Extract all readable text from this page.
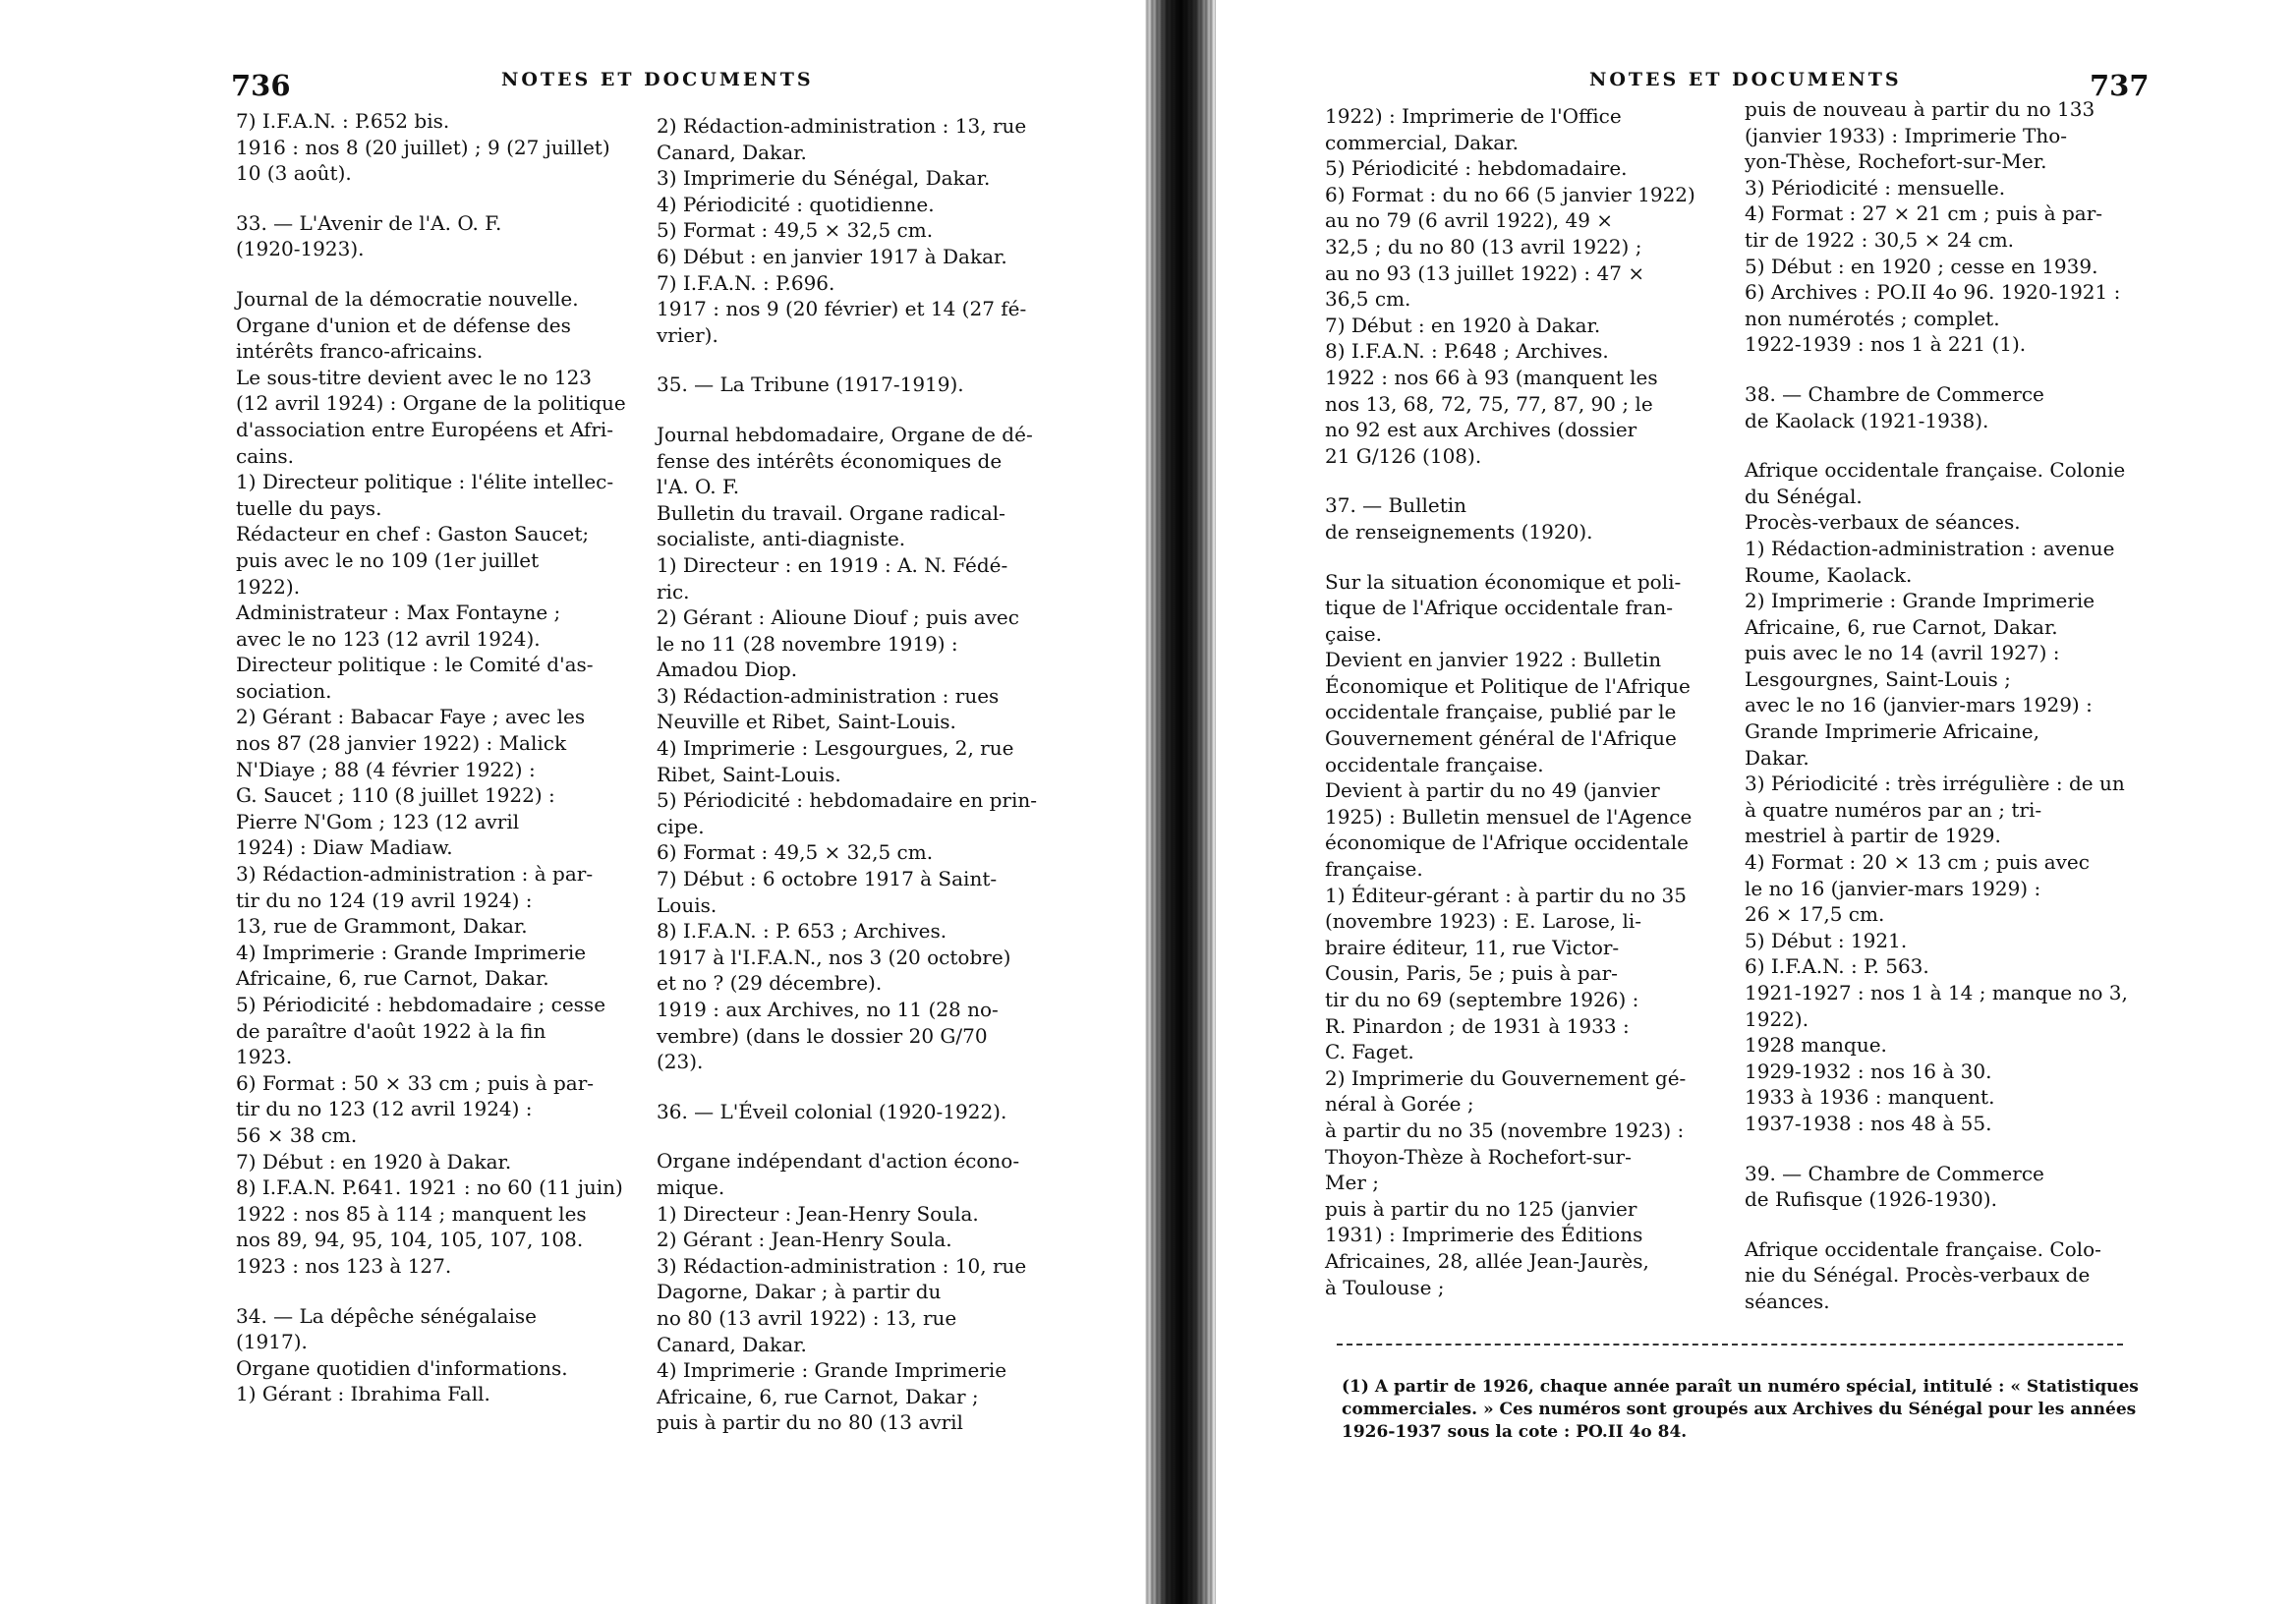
736	NOTES ET DOCUMENTS	737
NOTES ET DOCUMENTS

7) I.F.A.N. : P.652 bis.

1916 : nos 8 (20 juillet) ; 9 (27 juillet)

10 (3 août).

33. — L'Avenir de l'A. O. F.

(1920-1923).

Journal de la démocratie nouvelle.

Organe d'union et de défense des

intérêts franco-africains.

Le sous-titre devient avec le no 123

(12 avril 1924) : Organe de la politique

d'association entre Européens et Afri-

cains.

1) Directeur politique : l'élite intellec-

tuelle du pays.

Rédacteur en chef : Gaston Saucet;

puis avec le no 109 (1er juillet

1922).

Administrateur : Max Fontayne ;

avec le no 123 (12 avril 1924).

Directeur politique : le Comité d'as-

sociation.

2) Gérant : Babacar Faye ; avec les

nos 87 (28 janvier 1922) : Malick

N'Diaye ; 88 (4 février 1922) :

G. Saucet ; 110 (8 juillet 1922) :

Pierre N'Gom ; 123 (12 avril

1924) : Diaw Madiaw.

3) Rédaction-administration : à par-

tir du no 124 (19 avril 1924) :

13, rue de Grammont, Dakar.

4) Imprimerie : Grande Imprimerie

Africaine, 6, rue Carnot, Dakar.

5) Périodicité : hebdomadaire ; cesse

de paraître d'août 1922 à la fin

1923.

6) Format : 50 × 33 cm ; puis à par-

tir du no 123 (12 avril 1924) :

56 × 38 cm.

7) Début : en 1920 à Dakar.

8) I.F.A.N. P.641. 1921 : no 60 (11 juin)

1922 : nos 85 à 114 ; manquent les

nos 89, 94, 95, 104, 105, 107, 108.

1923 : nos 123 à 127.

34. — La dépêche sénégalaise

(1917).

Organe quotidien d'informations.

1) Gérant : Ibrahima Fall.

2) Rédaction-administration : 13, rue

Canard, Dakar.

3) Imprimerie du Sénégal, Dakar.

4) Périodicité : quotidienne.

5) Format : 49,5 × 32,5 cm.

6) Début : en janvier 1917 à Dakar.

7) I.F.A.N. : P.696.

1917 : nos 9 (20 février) et 14 (27 fé-

vrier).

35. — La Tribune (1917-1919).

Journal hebdomadaire, Organe de dé-

fense des intérêts économiques de

l'A. O. F.

Bulletin du travail. Organe radical-

socialiste, anti-diagniste.

1) Directeur : en 1919 : A. N. Fédé-

ric.

2) Gérant : Alioune Diouf ; puis avec

le no 11 (28 novembre 1919) :

Amadou Diop.

3) Rédaction-administration : rues

Neuville et Ribet, Saint-Louis.

4) Imprimerie : Lesgourgues, 2, rue

Ribet, Saint-Louis.

5) Périodicité : hebdomadaire en prin-

cipe.

6) Format : 49,5 × 32,5 cm.

7) Début : 6 octobre 1917 à Saint-

Louis.

8) I.F.A.N. : P. 653 ; Archives.

1917 à l'I.F.A.N., nos 3 (20 octobre)

et no ? (29 décembre).

1919 : aux Archives, no 11 (28 no-

vembre) (dans le dossier 20 G/70

(23).

36. — L'Éveil colonial (1920-1922).

Organe indépendant d'action écono-

mique.

1) Directeur : Jean-Henry Soula.

2) Gérant : Jean-Henry Soula.

3) Rédaction-administration : 10, rue

Dagorne, Dakar ; à partir du

no 80 (13 avril 1922) : 13, rue

Canard, Dakar.

4) Imprimerie : Grande Imprimerie

Africaine, 6, rue Carnot, Dakar ;

puis à partir du no 80 (13 avril

1922) : Imprimerie de l'Office

commercial, Dakar.

5) Périodicité : hebdomadaire.

6) Format : du no 66 (5 janvier 1922)

au no 79 (6 avril 1922), 49 ×

32,5 ; du no 80 (13 avril 1922) ;

au no 93 (13 juillet 1922) : 47 ×

36,5 cm.

7) Début : en 1920 à Dakar.

8) I.F.A.N. : P.648 ; Archives.

1922 : nos 66 à 93 (manquent les

nos 13, 68, 72, 75, 77, 87, 90 ; le

no 92 est aux Archives (dossier

21 G/126 (108).

37. — Bulletin

de renseignements (1920).

Sur la situation économique et poli-

tique de l'Afrique occidentale fran-

çaise.

Devient en janvier 1922 : Bulletin

Économique et Politique de l'Afrique

occidentale française, publié par le

Gouvernement général de l'Afrique

occidentale française.

Devient à partir du no 49 (janvier

1925) : Bulletin mensuel de l'Agence

économique de l'Afrique occidentale

française.

1) Éditeur-gérant : à partir du no 35

(novembre 1923) : E. Larose, li-

braire éditeur, 11, rue Victor-

Cousin, Paris, 5e ; puis à par-

tir du no 69 (septembre 1926) :

R. Pinardon ; de 1931 à 1933 :

C. Faget.

2) Imprimerie du Gouvernement gé-

néral à Gorée ;

à partir du no 35 (novembre 1923) :

Thoyon-Thèze à Rochefort-sur-

Mer ;

puis à partir du no 125 (janvier

1931) : Imprimerie des Éditions

Africaines, 28, allée Jean-Jaurès,

à Toulouse ;

puis de nouveau à partir du no 133

(janvier 1933) : Imprimerie Tho-

yon-Thèse, Rochefort-sur-Mer.

3) Périodicité : mensuelle.

4) Format : 27 × 21 cm ; puis à par-

tir de 1922 : 30,5 × 24 cm.

5) Début : en 1920 ; cesse en 1939.

6) Archives : PO.II 4o 96. 1920-1921 :

non numérotés ; complet.

1922-1939 : nos 1 à 221 (1).

38. — Chambre de Commerce

de Kaolack (1921-1938).

Afrique occidentale française. Colonie

du Sénégal.

Procès-verbaux de séances.

1) Rédaction-administration : avenue

Roume, Kaolack.

2) Imprimerie : Grande Imprimerie

Africaine, 6, rue Carnot, Dakar.

puis avec le no 14 (avril 1927) :

Lesgourgnes, Saint-Louis ;

avec le no 16 (janvier-mars 1929) :

Grande Imprimerie Africaine,

Dakar.

3) Périodicité : très irrégulière : de un

à quatre numéros par an ; tri-

mestriel à partir de 1929.

4) Format : 20 × 13 cm ; puis avec

le no 16 (janvier-mars 1929) :

26 × 17,5 cm.

5) Début : 1921.

6) I.F.A.N. : P. 563.

1921-1927 : nos 1 à 14 ; manque no 3,

1922).

1928 manque.

1929-1932 : nos 16 à 30.

1933 à 1936 : manquent.

1937-1938 : nos 48 à 55.

39. — Chambre de Commerce

de Rufisque (1926-1930).

Afrique occidentale française. Colo-

nie du Sénégal. Procès-verbaux de

séances.

(1) A partir de 1926, chaque année paraît un numéro spécial, intitulé : « Statistiques

commerciales. » Ces numéros sont groupés aux Archives du Sénégal pour les années

1926-1937 sous la cote : PO.II 4o 84.
